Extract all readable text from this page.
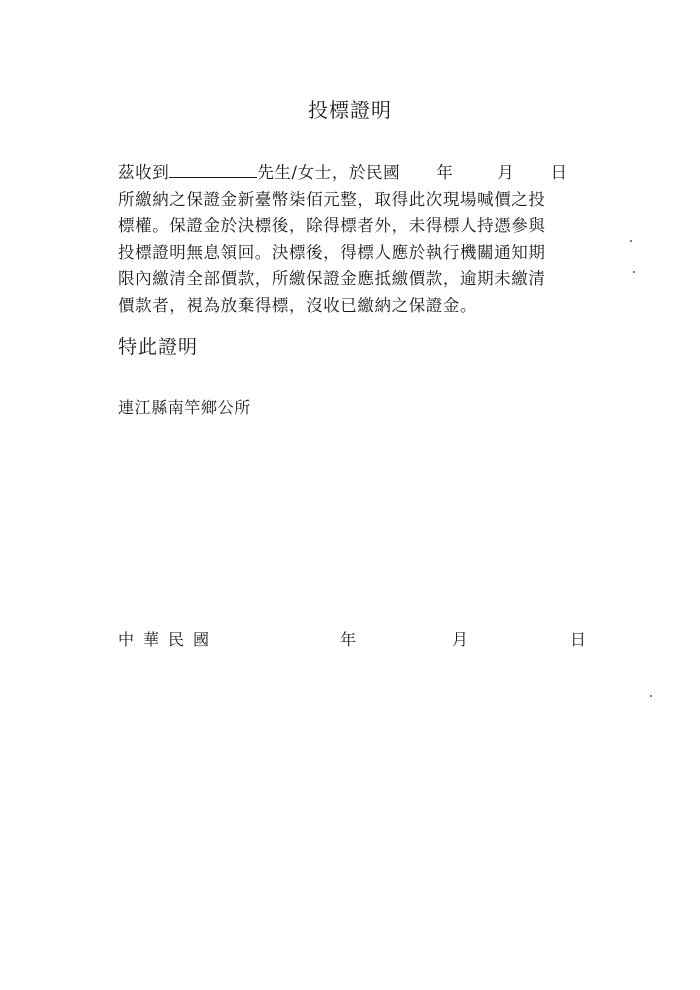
投標證明
茲收到	先生/女士，於民國 年	月 日
所繳納之保證金新臺幣柒佰元整，取得此次現場喊價之投
標權。保證金於決標後，除得標者外，未得標人持憑參與
投標證明無息領回。決標後，得標人應於執行機關通知期
限內繳清全部價款，所繳保證金應抵繳價款，逾期未繳清
價款者，視為放棄得標，沒收已繳納之保證金。
特此證明
連江縣南竿鄉公所
中華民國	年	月	日
